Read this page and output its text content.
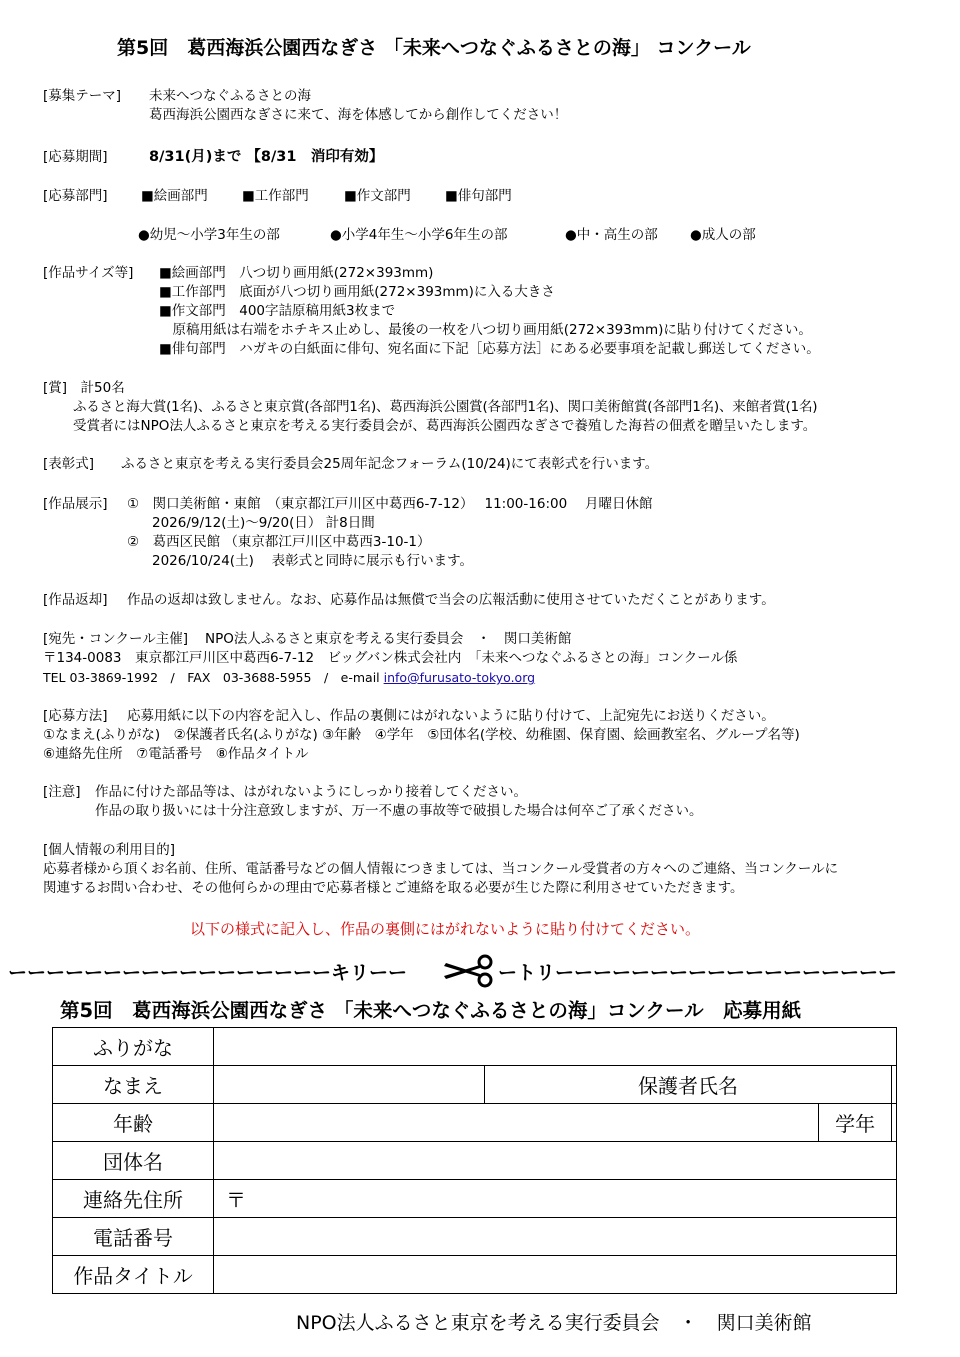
第5回　葛西海浜公園西なぎさ 「未来へつなぐふるさとの海」 コンクール
[募集テーマ] 未来へつなぐふるさとの海
葛西海浜公園西なぎさに来て、海を体感してから創作してください！
[応募期間]	8/31(月)まで 【8/31　消印有効】
[応募部門] ■絵画部門	■工作部門	■作文部門	■俳句部門
●幼児～小学3年生の部	●小学4年生～小学6年生の部	●中・高生の部 ●成人の部
[作品サイズ等] ■絵画部門　八つ切り画用紙(272×393mm)
■工作部門　底面が八つ切り画用紙(272×393mm)に入る大きさ
■作文部門　400字詰原稿用紙3枚まで
　原稿用紙は右端をホチキス止めし、最後の一枚を八つ切り画用紙(272×393mm)に貼り付けてください。
■俳句部門　ハガキの白紙面に俳句、宛名面に下記［応募方法］にある必要事項を記載し郵送してください。
[賞]　計50名
ふるさと海大賞(1名)、ふるさと東京賞(各部門1名)、葛西海浜公園賞(各部門1名)、関口美術館賞(各部門1名)、来館者賞(1名)
受賞者にはNPO法人ふるさと東京を考える実行委員会が、葛西海浜公園西なぎさで養殖した海苔の佃煮を贈呈いたします。
[表彰式] ふるさと東京を考える実行委員会25周年記念フォーラム(10/24)にて表彰式を行います。
[作品展示] ①　関口美術館・東館　（東京都江戸川区中葛西6-7-12）　 11:00-16:00　 月曜日休館
2026/9/12(土)～9/20(日） 計8日間
②　葛西区民館 （東京都江戸川区中葛西3-10-1）
2026/10/24(土)　 表彰式と同時に展示も行います。
[作品返却] 作品の返却は致しません。なお、応募作品は無償で当会の広報活動に使用させていただくことがあります。
[宛先・コンクール主催] NPO法人ふるさと東京を考える実行委員会　・　関口美術館
〒134-0083　東京都江戸川区中葛西6-7-12　ビッグバン株式会社内　「未来へつなぐふるさとの海」コンクール係
TEL 03-3869-1992　/　FAX　03-3688-5955　/　e-mail info@furusato-tokyo.org
[応募方法] 応募用紙に以下の内容を記入し、作品の裏側にはがれないように貼り付けて、上記宛先にお送りください。
①なまえ(ふりがな)　②保護者氏名(ふりがな) ③年齢　④学年　⑤団体名(学校、幼稚園、保育園、絵画教室名、グループ名等)
⑥連絡先住所　⑦電話番号　⑧作品タイトル
[注意] 作品に付けた部品等は、はがれないようにしっかり接着してください。
作品の取り扱いには十分注意致しますが、万一不慮の事故等で破損した場合は何卒ご了承ください。
[個人情報の利用目的]
応募者様から頂くお名前、住所、電話番号などの個人情報につきましては、当コンクール受賞者の方々へのご連絡、当コンクールに
関連するお問い合わせ、その他何らかの理由で応募者様とご連絡を取る必要が生じた際に利用させていただきます。
以下の様式に記入し、作品の裏側にはがれないように貼り付けてください。
ーーーーーーーーーーーーーーーーーキリーー	ートリーーーーーーーーーーーーーーーーーー
第5回　葛西海浜公園西なぎさ 「未来へつなぐふるさとの海」コンクール　応募用紙
ふりがな				
なまえ		保護者氏名		
年齢			学年	
団体名				
連絡先住所	〒			
電話番号				
作品タイトル				
NPO法人ふるさと東京を考える実行委員会　・　関口美術館
